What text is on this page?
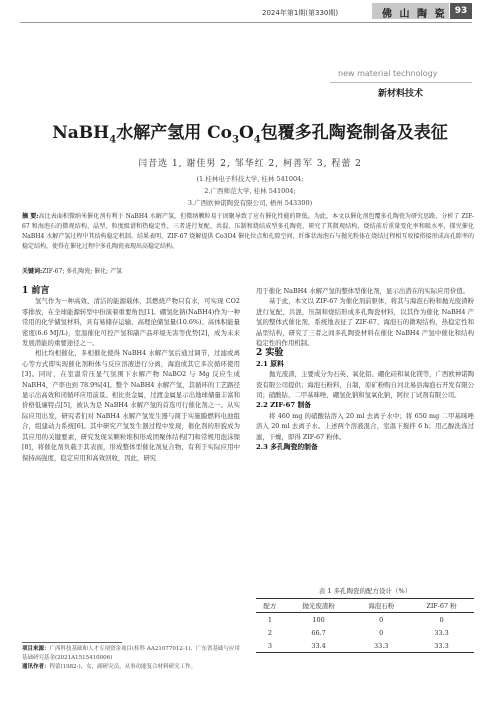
2024年第1期(第330期)	佛 山 陶 瓷 93
new material technology
新材料技术
NaBH$_4$水解产氢用 $Co_3O_4$包覆多孔陶瓷制备及表征
闫昔选 1, 谢佳男 2, 邹华红 2, 柯善军 3, 程蕾 2
(1.桂林电子科技大学, 桂林 541004;
2.广西师范大学, 桂林 541004;
3.广西欧神诺陶瓷有限公司, 梧州 543300)
摘 要:高比表面积微纳米催化剂有利于 NaBH4 水解产氢，但微纳颗粒易于团聚导致了应有催化性能的降低。为此，本文以催化剂包覆多孔陶瓷为研究思路，分析了 ZIF-67 和海泡石的微观结构、晶型、粒度级谱和热稳定性，三者进行复配、共混、压制和烧结成型多孔陶瓷，研究了其微观结构，烧结前后重量变化率和吸水率，探究催化 NaBH4 水解产氢过程中其结构稳定机制。结果表明，ZIF-67 烧解提供 Co3O4 催化位点和孔隙空间，纤维状海泡石与抛光粉体在烧结过程相互咬接搭接形成高孔隙率的稳定结构，使得在催化过程中多孔陶瓷表现出高稳定结构。
关键词:ZIF-67; 多孔陶瓷; 催化; 产氢

1 前言

氢气作为一种高效、清洁的能源载体，其燃烧产物只有水，可实现 CO2 零排放，在全球能源转型中扮演着重要角色[1]。硼氢化钠(NaBH4)作为一种常用的化学储氢材料，具有易储存运输、高理论储氢量(10.6%)、高体积能量密度(6.6 MJ/L)，室温催化可控产氢和副产品环境无害等优势[2]，成为未来发展潜能的重要途径之一。

相比均相催化，多相催化使得 NaBH4 水解产氢后通过调节，过滤或离心等方式即实现催化剂粉体与反应溶液进行分离，海泡或其它多次循环使用[3]。同时，在室温常压显气氛围下水解产物 NaBO2 与 Mg 反应生成 NaBH4，产率也到 78.9%[4]。整个 NaBH4 水解产氢，其循环的工艺路径显示出高效和闭循环应用前景。相比贵金属，过渡金属显示出地球储量丰富和价格低廉特点[5]，被认为是 NaBH4 水解产氢的首选可行催化剂之一。从实际应用出发，研究者们对 NaBH4 水解产氢发生器与简于实施膜燃料电池组合，组建动力系统[6]。其中研究产氢发生器过程中发现，催化剂的形貌成为其应用的关键要素，研究发现采颗粒堆积形成团聚体结构[7]和常规用泡沫镍[8]，将催化剂负载于其表面，形成整体型催化剂复合物，有利于实际应用中保持高强度，稳定应用和高效回收，因此，研究

项目来源：广西科技基础和人才专项资金项目(桂科 AA21077012-1)、广东省基础与应用基础研究基金(2021A1515410006)
通讯作者：程蕾(1982-)，女，副研究员，从事功能复合材料研究工作。

用于催化 NaBH4 水解产氢的整体型催化剂，显示出潜在的实际应用价值。

基于此，本文以 ZIF-67 为催化剂前驱体，将其与海泡石粉和抛光废渣粉进行复配、共混，压制和烧结形成多孔陶瓷材料，以其作为催化 NaBH4 产氢的整体式催化剂，系统地表征了 ZIF-67、海泡石的微观结构，热稳定性和晶型结构，研究了三者之间多孔陶瓷材料在催化 NaBH4 产氢中催化和结构稳定性的作用机制。

2 实验

2.1 原料

抛光废渣，主要成分为石英、氧化铝、硼化硅和氧化镁等，广西欧神诺陶瓷有限公司提供；海泡石粉料，自制，原矿粉购自河北易县海泡石开发有限公司；硝酸钴、二甲基咪唑、硼氢化钠和氢氧化钠，阿拉丁试剂有限公司。

2.2 ZIF-67 制备

将 460 mg 的硝酸钴溶入 20 ml 去离子水中；将 650 mg 二甲基咪唑溶入 20 ml 去离子水。上述两个溶液混合，室温下搅拌 6 h；用乙醇洗涤过滤，干燥，即得 ZIF-67 粉体。

2.3 多孔陶瓷的制备

表 1 多孔陶瓷的配方设计（%）
配方	抛光废渣粉	海泡石粉	ZIF-67 粉
1	100	0	0
2	66.7	0	33.3
3	33.4	33.3	33.3
